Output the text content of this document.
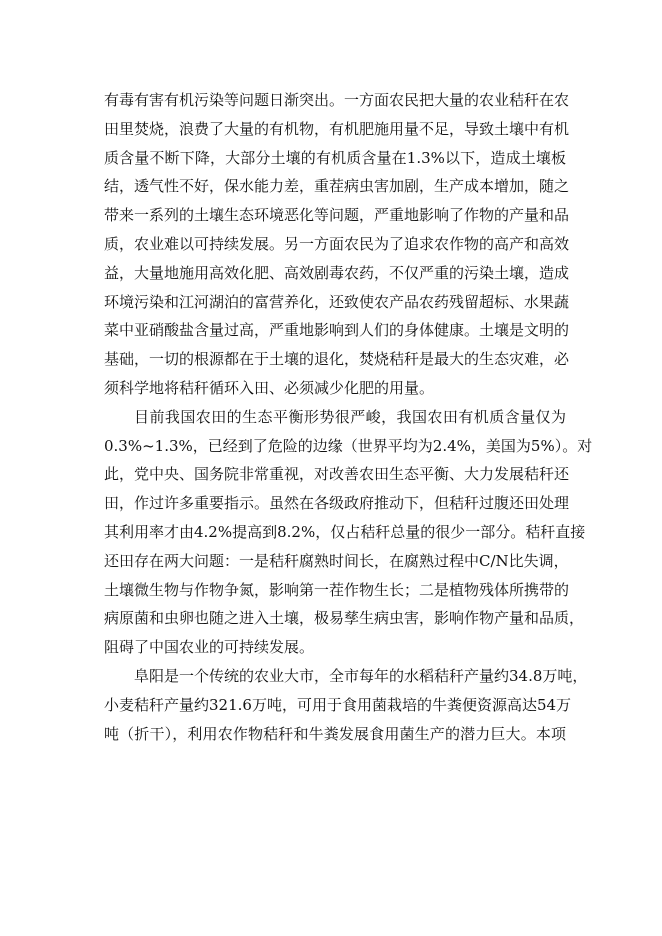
有毒有害有机污染等问题日渐突出。一方面农民把大量的农业秸秆在农
田里焚烧，浪费了大量的有机物，有机肥施用量不足，导致土壤中有机
质含量不断下降，大部分土壤的有机质含量在1.3%以下，造成土壤板
结，透气性不好，保水能力差，重茬病虫害加剧，生产成本增加，随之
带来一系列的土壤生态环境恶化等问题，严重地影响了作物的产量和品
质，农业难以可持续发展。另一方面农民为了追求农作物的高产和高效
益，大量地施用高效化肥、高效剧毒农药，不仅严重的污染土壤，造成
环境污染和江河湖泊的富营养化，还致使农产品农药残留超标、水果蔬
菜中亚硝酸盐含量过高，严重地影响到人们的身体健康。土壤是文明的
基础，一切的根源都在于土壤的退化，焚烧秸秆是最大的生态灾难，必
须科学地将秸秆循环入田、必须减少化肥的用量。
目前我国农田的生态平衡形势很严峻，我国农田有机质含量仅为
0.3%~1.3%，已经到了危险的边缘（世界平均为2.4%，美国为5%）。对
此，党中央、国务院非常重视，对改善农田生态平衡、大力发展秸秆还
田，作过许多重要指示。虽然在各级政府推动下，但秸秆过腹还田处理
其利用率才由4.2%提高到8.2%，仅占秸秆总量的很少一部分。秸秆直接
还田存在两大问题：一是秸秆腐熟时间长，在腐熟过程中C/N比失调，
土壤微生物与作物争氮，影响第一茬作物生长；二是植物残体所携带的
病原菌和虫卵也随之进入土壤，极易孳生病虫害，影响作物产量和品质，
阻碍了中国农业的可持续发展。
阜阳是一个传统的农业大市，全市每年的水稻秸秆产量约34.8万吨，
小麦秸秆产量约321.6万吨，可用于食用菌栽培的牛粪便资源高达54万
吨（折干），利用农作物秸秆和牛粪发展食用菌生产的潜力巨大。本项
